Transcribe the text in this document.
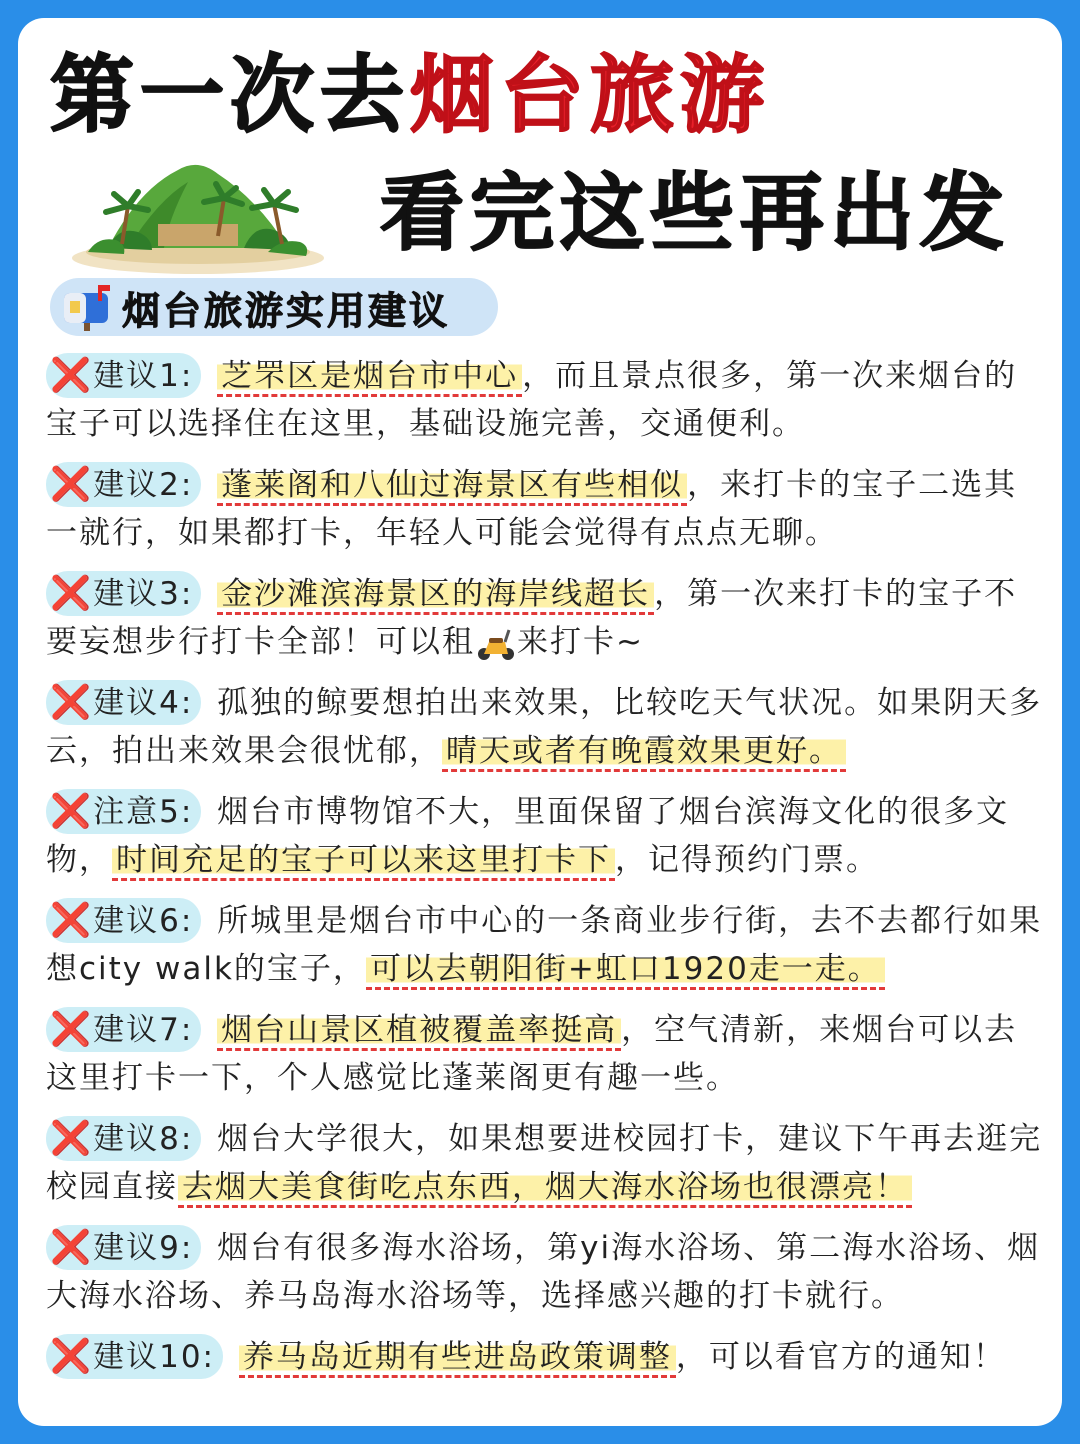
第一次去烟台旅游
看完这些再出发
烟台旅游实用建议
❌建议1: 芝罘区是烟台市中心 ，而且景点很多，第一次来烟台的宝子可以选择住在这里，基础设施完善，交通便利。
❌建议2: 蓬莱阁和八仙过海景区有些相似 ，来打卡的宝子二选其一就行，如果都打卡，年轻人可能会觉得有点点无聊。
❌建议3: 金沙滩滨海景区的海岸线超长 ，第一次来打卡的宝子不要妄想步行打卡全部！可以租 来打卡~
❌建议4: 孤独的鲸要想拍出来效果，比较吃天气状况。如果阴天多云，拍出来效果会很忧郁， 晴天或者有晚霞效果更好。
❌注意5: 烟台市博物馆不大，里面保留了烟台滨海文化的很多文物， 时间充足的宝子可以来这里打卡下 ，记得预约门票。
❌建议6: 所城里是烟台市中心的一条商业步行街，去不去都行如果想city walk的宝子， 可以去朝阳街+虹口1920走一走。
❌建议7: 烟台山景区植被覆盖率挺高 ，空气清新，来烟台可以去这里打卡一下，个人感觉比蓬莱阁更有趣一些。
❌建议8: 烟台大学很大，如果想要进校园打卡，建议下午再去逛完校园直接 去烟大美食街吃点东西，烟大海水浴场也很漂亮！
❌建议9: 烟台有很多海水浴场，第yi海水浴场、第二海水浴场、烟大海水浴场、养马岛海水浴场等，选择感兴趣的打卡就行。
❌建议10: 养马岛近期有些进岛政策调整 ，可以看官方的通知！
